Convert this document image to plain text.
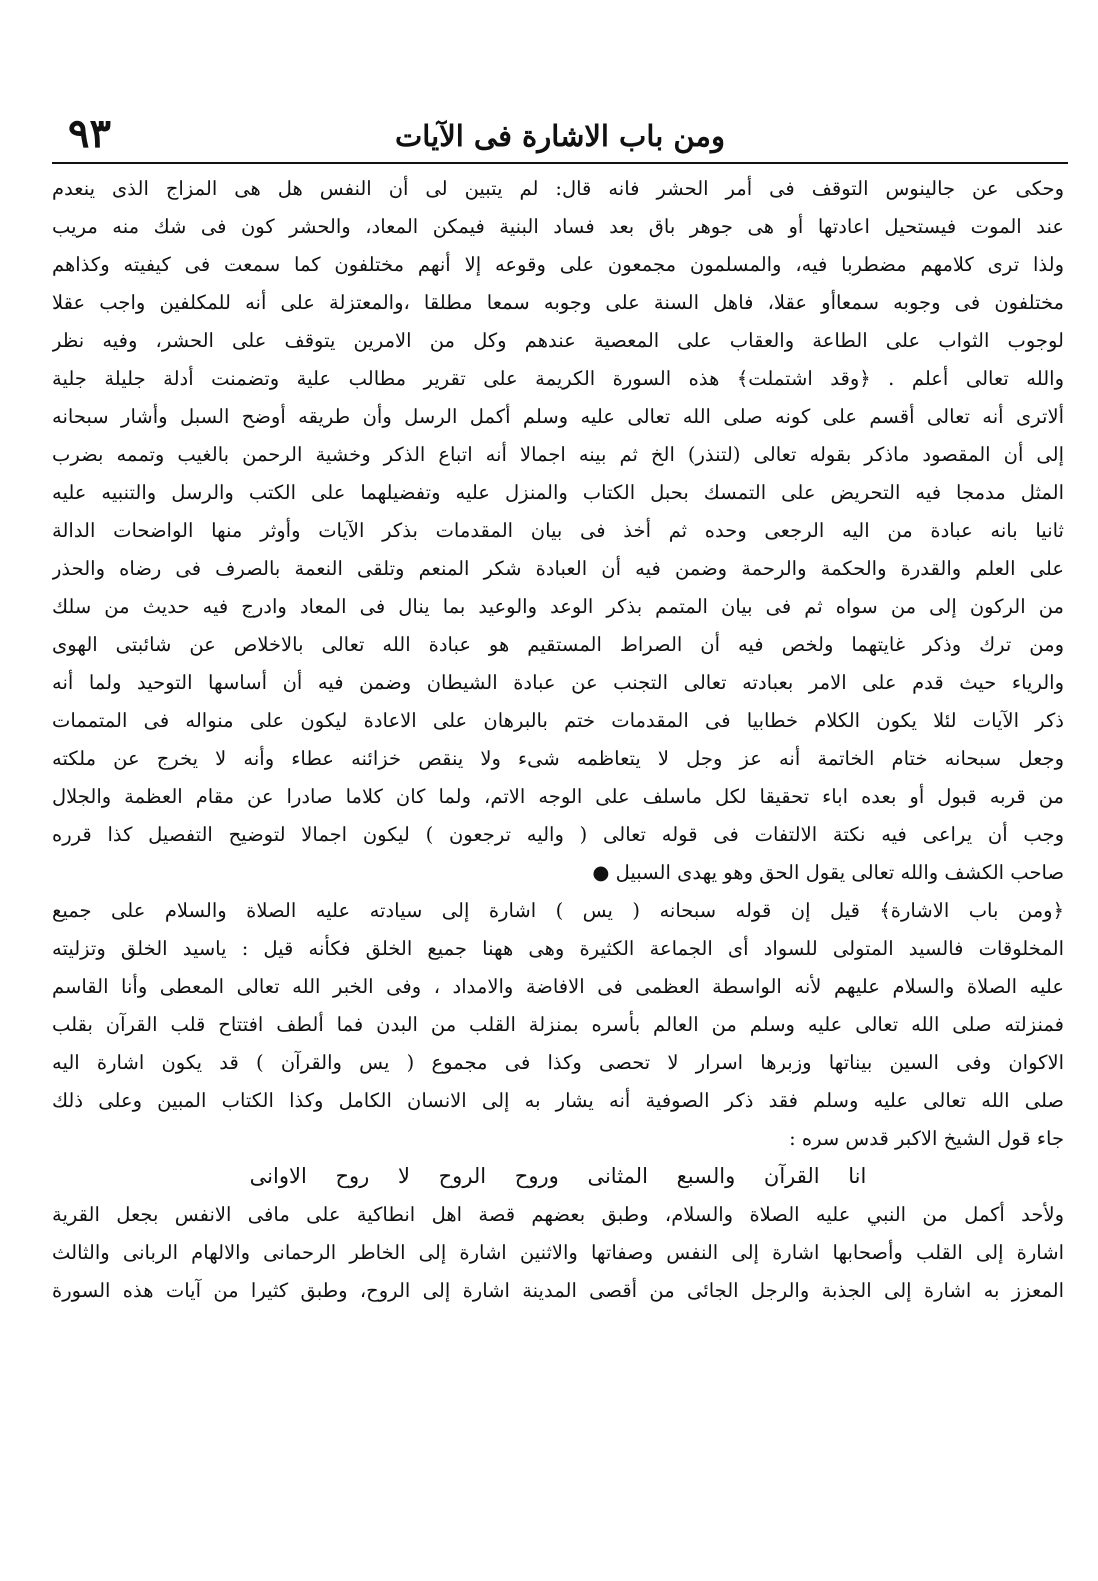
٩٣	ومن باب الاشارة فى الآيات
وحكى عن جالينوس التوقف فى أمر الحشر فانه قال: لم يتبين لى أن النفس هل هى المزاج الذى ينعدم
عند الموت فيستحيل اعادتها أو هى جوهر باق بعد فساد البنية فيمكن المعاد، والحشر كون فى شك منه مريب
ولذا ترى كلامهم مضطربا فيه، والمسلمون مجمعون على وقوعه إلا أنهم مختلفون كما سمعت فى كيفيته وكذاهم
مختلفون فى وجوبه سمعاأو عقلا، فاهل السنة على وجوبه سمعا مطلقا ،والمعتزلة على أنه للمكلفين واجب عقلا
لوجوب الثواب على الطاعة والعقاب على المعصية عندهم وكل من الامرين يتوقف على الحشر، وفيه نظر
والله تعالى أعلم . ﴿وقد اشتملت﴾ هذه السورة الكريمة على تقرير مطالب علية وتضمنت أدلة جليلة جلية
ألاترى أنه تعالى أقسم على كونه صلى الله تعالى عليه وسلم أكمل الرسل وأن طريقه أوضح السبل وأشار سبحانه
إلى أن المقصود ماذكر بقوله تعالى (لتنذر) الخ ثم بينه اجمالا أنه اتباع الذكر وخشية الرحمن بالغيب وتممه بضرب
المثل مدمجا فيه التحريض على التمسك بحبل الكتاب والمنزل عليه وتفضيلهما على الكتب والرسل والتنبيه عليه
ثانيا بانه عبادة من اليه الرجعى وحده ثم أخذ فى بيان المقدمات بذكر الآيات وأوثر منها الواضحات الدالة
على العلم والقدرة والحكمة والرحمة وضمن فيه أن العبادة شكر المنعم وتلقى النعمة بالصرف فى رضاه والحذر
من الركون إلى من سواه ثم فى بيان المتمم بذكر الوعد والوعيد بما ينال فى المعاد وادرج فيه حديث من سلك
ومن ترك وذكر غايتهما ولخص فيه أن الصراط المستقيم هو عبادة الله تعالى بالاخلاص عن شائبتى الهوى
والرياء حيث قدم على الامر بعبادته تعالى التجنب عن عبادة الشيطان وضمن فيه أن أساسها التوحيد ولما أنه
ذكر الآيات لئلا يكون الكلام خطابيا فى المقدمات ختم بالبرهان على الاعادة ليكون على منواله فى المتممات
وجعل سبحانه ختام الخاتمة أنه عز وجل لا يتعاظمه شىء ولا ينقص خزائنه عطاء وأنه لا يخرج عن ملكته
من قربه قبول أو بعده اباء تحقيقا لكل ماسلف على الوجه الاتم، ولما كان كلاما صادرا عن مقام العظمة والجلال
وجب أن يراعى فيه نكتة الالتفات فى قوله تعالى ( واليه ترجعون ) ليكون اجمالا لتوضيح التفصيل كذا قرره
صاحب الكشف والله تعالى يقول الحق وهو يهدى السبيل ●
﴿ومن باب الاشارة﴾ قيل إن قوله سبحانه ( يس ) اشارة إلى سيادته عليه الصلاة والسلام على جميع
المخلوقات فالسيد المتولى للسواد أى الجماعة الكثيرة وهى ههنا جميع الخلق فكأنه قيل : ياسيد الخلق وتزليته
عليه الصلاة والسلام عليهم لأنه الواسطة العظمى فى الافاضة والامداد ، وفى الخبر الله تعالى المعطى وأنا القاسم
فمنزلته صلى الله تعالى عليه وسلم من العالم بأسره بمنزلة القلب من البدن فما ألطف افتتاح قلب القرآن بقلب
الاكوان وفى السين بيناتها وزبرها اسرار لا تحصى وكذا فى مجموع ( يس والقرآن ) قد يكون اشارة اليه
صلى الله تعالى عليه وسلم فقد ذكر الصوفية أنه يشار به إلى الانسان الكامل وكذا الكتاب المبين وعلى ذلك
جاء قول الشيخ الاكبر قدس سره :
انا القرآن والسبع المثانى وروح الروح لا روح الاوانى
ولأحد أكمل من النبي عليه الصلاة والسلام، وطبق بعضهم قصة اهل انطاكية على مافى الانفس بجعل القرية
اشارة إلى القلب وأصحابها اشارة إلى النفس وصفاتها والاثنين اشارة إلى الخاطر الرحمانى والالهام الربانى والثالث
المعزز به اشارة إلى الجذبة والرجل الجائى من أقصى المدينة اشارة إلى الروح، وطبق كثيرا من آيات هذه السورة
